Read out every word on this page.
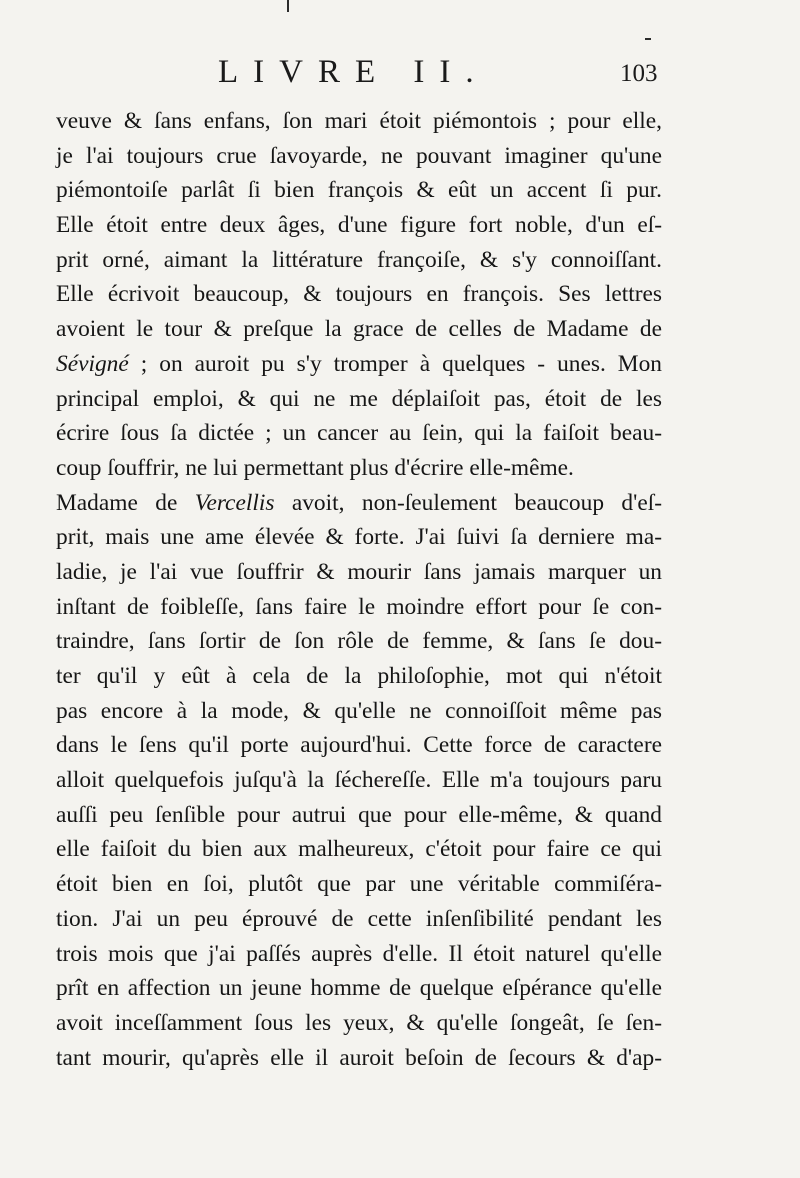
LIVRE II.	103
veuve & ſans enfans, ſon mari étoit piémontois ; pour elle,
je l'ai toujours crue ſavoyarde, ne pouvant imaginer qu'une
piémontoiſe parlât ſi bien françois & eût un accent ſi pur.
Elle étoit entre deux âges, d'une figure fort noble, d'un eſ-
prit orné, aimant la littérature françoiſe, & s'y connoiſſant.
Elle écrivoit beaucoup, & toujours en françois. Ses lettres
avoient le tour & preſque la grace de celles de Madame de
Sévigné ; on auroit pu s'y tromper à quelques - unes. Mon
principal emploi, & qui ne me déplaiſoit pas, étoit de les
écrire ſous ſa dictée ; un cancer au ſein, qui la faiſoit beau-
coup ſouffrir, ne lui permettant plus d'écrire elle-même.
Madame de Vercellis avoit, non-ſeulement beaucoup d'eſ-
prit, mais une ame élevée & forte. J'ai ſuivi ſa derniere ma-
ladie, je l'ai vue ſouffrir & mourir ſans jamais marquer un
inſtant de foibleſſe, ſans faire le moindre effort pour ſe con-
traindre, ſans ſortir de ſon rôle de femme, & ſans ſe dou-
ter qu'il y eût à cela de la philoſophie, mot qui n'étoit
pas encore à la mode, & qu'elle ne connoiſſoit même pas
dans le ſens qu'il porte aujourd'hui. Cette force de caractere
alloit quelquefois juſqu'à la ſéchereſſe. Elle m'a toujours paru
auſſi peu ſenſible pour autrui que pour elle-même, & quand
elle faiſoit du bien aux malheureux, c'étoit pour faire ce qui
étoit bien en ſoi, plutôt que par une véritable commiſéra-
tion. J'ai un peu éprouvé de cette inſenſibilité pendant les
trois mois que j'ai paſſés auprès d'elle. Il étoit naturel qu'elle
prît en affection un jeune homme de quelque eſpérance qu'elle
avoit inceſſamment ſous les yeux, & qu'elle ſongeât, ſe ſen-
tant mourir, qu'après elle il auroit beſoin de ſecours & d'ap-
